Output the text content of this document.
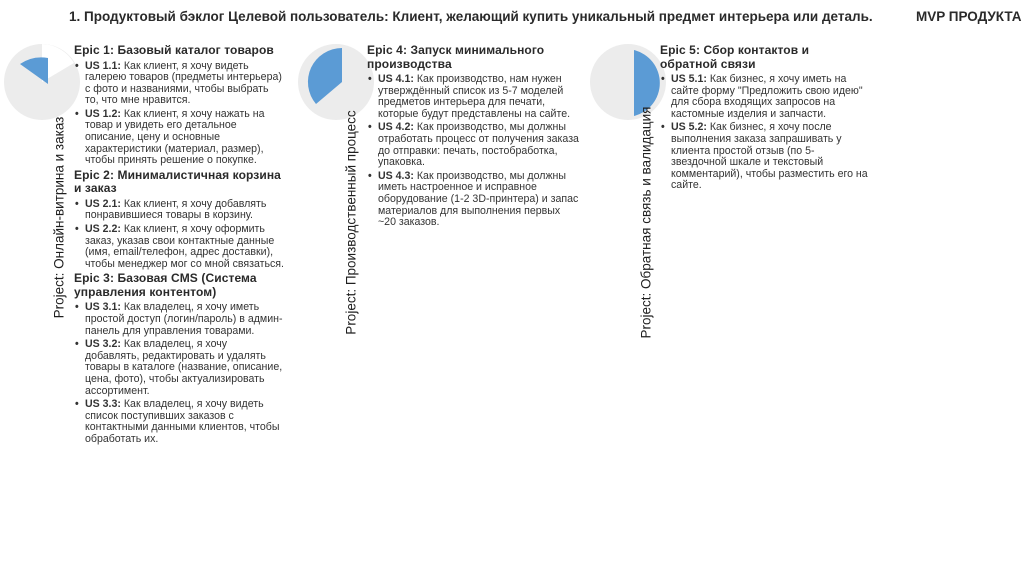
1. Продуктовый бэклог Целевой пользователь: Клиент, желающий купить уникальный предмет интерьера или деталь.	MVP ПРОДУКТА
Project: Онлайн-витрина и заказ	Project: Производственный процесс	Project: Обратная связь и валидация
Epic 1: Базовый каталог товаров
• US 1.1: Как клиент, я хочу видеть галерею товаров (предметы интерьера) с фото и названиями, чтобы выбрать то, что мне нравится.
• US 1.2: Как клиент, я хочу нажать на товар и увидеть его детальное описание, цену и основные характеристики (материал, размер), чтобы принять решение о покупке.
Epic 2: Минималистичная корзина и заказ
• US 2.1: Как клиент, я хочу добавлять понравившиеся товары в корзину.
• US 2.2: Как клиент, я хочу оформить заказ, указав свои контактные данные (имя, email/телефон, адрес доставки), чтобы менеджер мог со мной связаться.
Epic 3: Базовая CMS (Система управления контентом)
• US 3.1: Как владелец, я хочу иметь простой доступ (логин/пароль) в админ-панель для управления товарами.
• US 3.2: Как владелец, я хочу добавлять, редактировать и удалять товары в каталоге (название, описание, цена, фото), чтобы актуализировать ассортимент.
• US 3.3: Как владелец, я хочу видеть список поступивших заказов с контактными данными клиентов, чтобы обработать их.
Epic 4: Запуск минимального производства
• US 4.1: Как производство, нам нужен утверждённый список из 5-7 моделей предметов интерьера для печати, которые будут представлены на сайте.
• US 4.2: Как производство, мы должны отработать процесс от получения заказа до отправки: печать, постобработка, упаковка.
• US 4.3: Как производство, мы должны иметь настроенное и исправное оборудование (1-2 3D-принтера) и запас материалов для выполнения первых ~20 заказов.
Epic 5: Сбор контактов и обратной связи
• US 5.1: Как бизнес, я хочу иметь на сайте форму "Предложить свою идею" для сбора входящих запросов на кастомные изделия и запчасти.
• US 5.2: Как бизнес, я хочу после выполнения заказа запрашивать у клиента простой отзыв (по 5-звездочной шкале и текстовый комментарий), чтобы разместить его на сайте.
